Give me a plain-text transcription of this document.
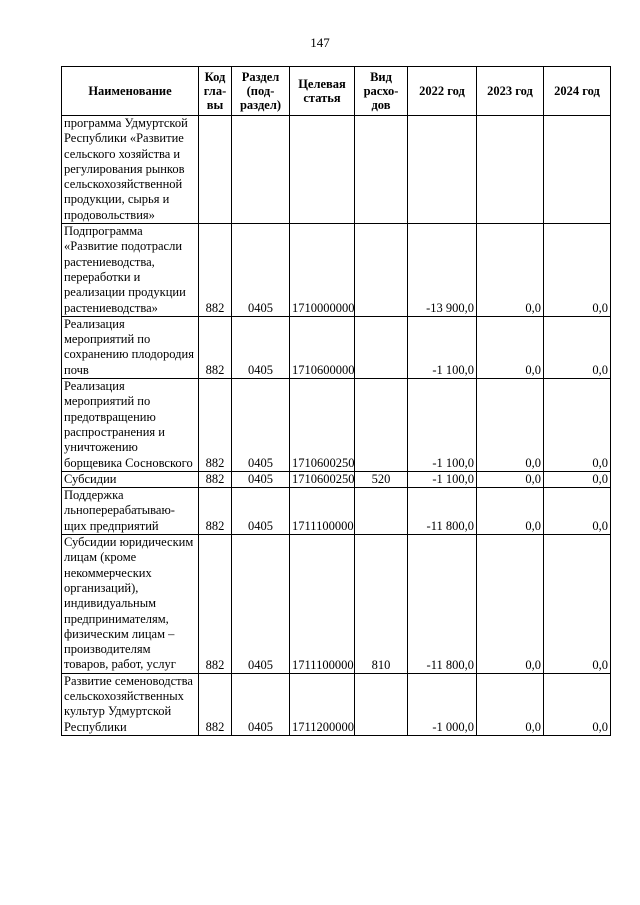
147
Наименование	Код гла- вы	Раздел (под- раздел)	Целевая статья	Вид расхо- дов	2022 год	2023 год	2024 год
программа Удмуртской Республики «Развитие сельского хозяйства и регулирования рынков сельскохозяйственной продукции, сырья и продовольствия»							
Подпрограмма «Развитие подотрасли растениеводства, переработки и реализации продукции растениеводства»	882	0405	1710000000		-13 900,0	0,0	0,0
Реализация мероприятий по сохранению плодородия почв	882	0405	1710600000		-1 100,0	0,0	0,0
Реализация мероприятий по предотвращению распространения и уничтожению борщевика Сосновского	882	0405	1710600250		-1 100,0	0,0	0,0
Субсидии	882	0405	1710600250	520	-1 100,0	0,0	0,0
Поддержка льноперерабатываю- щих предприятий	882	0405	1711100000		-11 800,0	0,0	0,0
Субсидии юридическим лицам (кроме некоммерческих организаций), индивидуальным предпринимателям, физическим лицам – производителям товаров, работ, услуг	882	0405	1711100000	810	-11 800,0	0,0	0,0
Развитие семеноводства сельскохозяйственных культур Удмуртской Республики	882	0405	1711200000		-1 000,0	0,0	0,0
